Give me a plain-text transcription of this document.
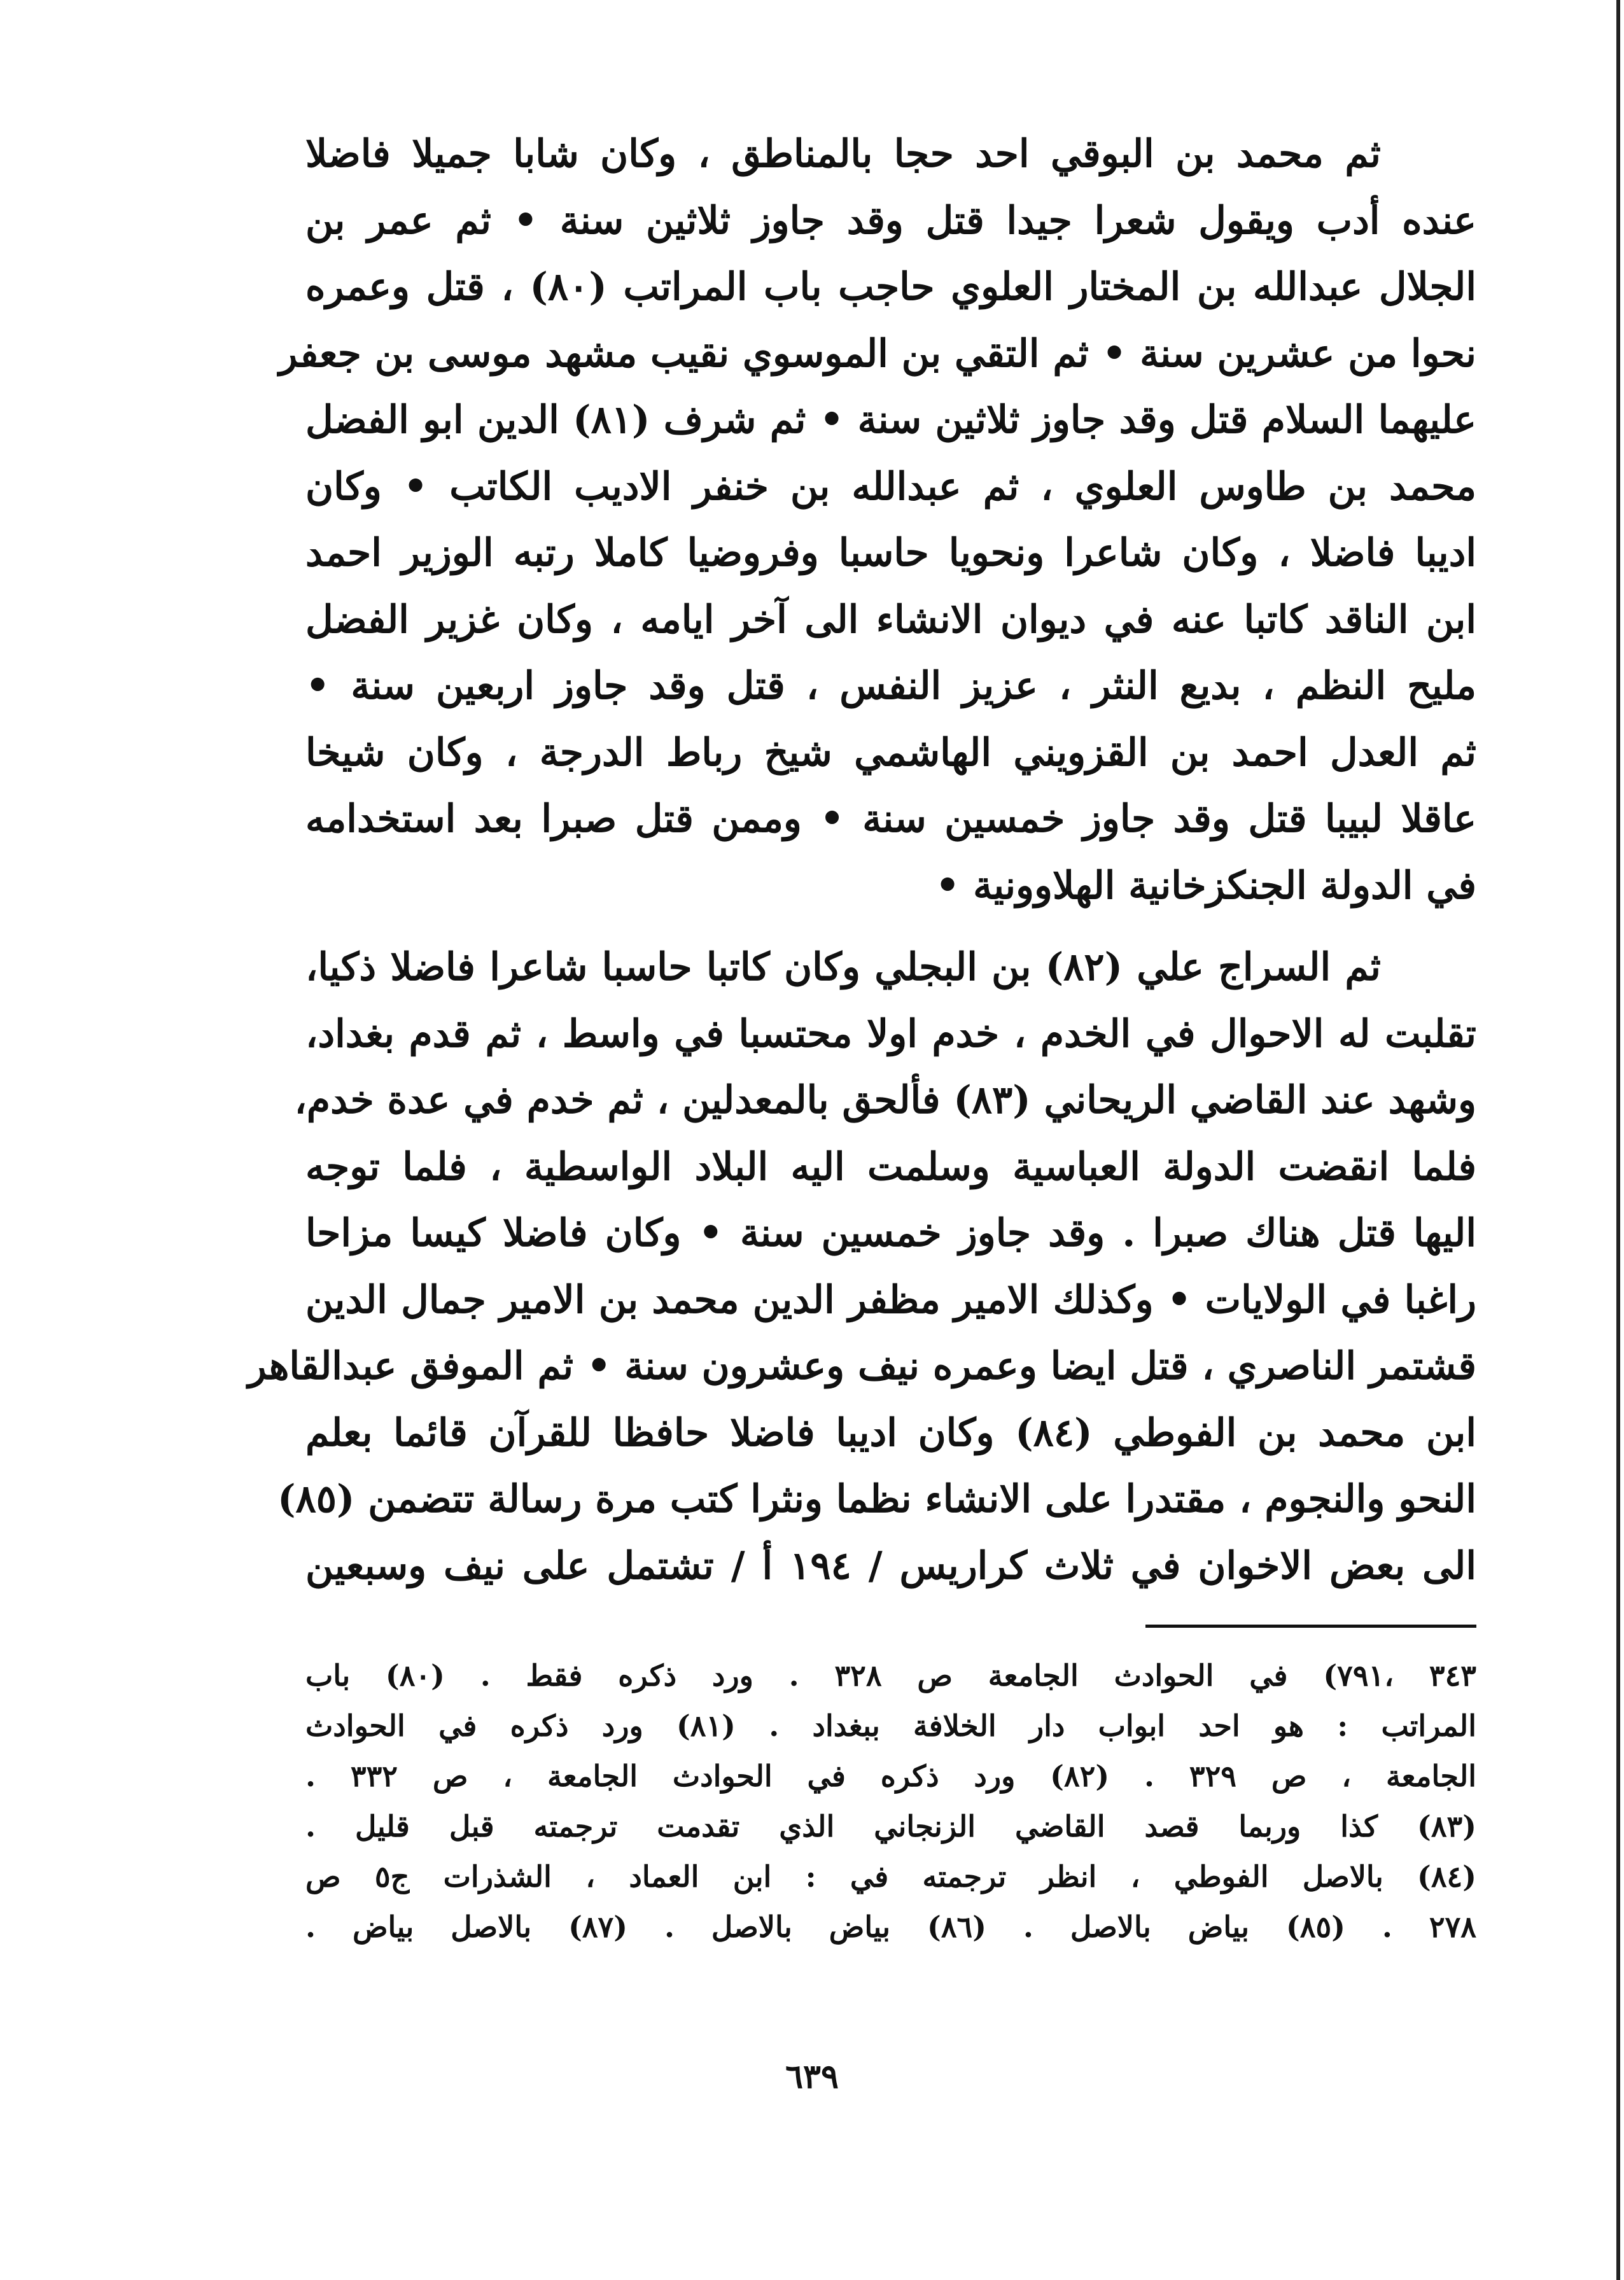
ثم محمد بن البوقي احد حجا بالمناطق ، وكان شابا جميلا فاضلا
عنده أدب ويقول شعرا جيدا قتل وقد جاوز ثلاثين سنة • ثم عمر بن
الجلال عبدالله بن المختار العلوي حاجب باب المراتب (٨٠) ، قتل وعمره
نحوا من عشرين سنة • ثم التقي بن الموسوي نقيب مشهد موسى بن جعفر
عليهما السلام قتل وقد جاوز ثلاثين سنة • ثم شرف (٨١) الدين ابو الفضل
محمد بن طاوس العلوي ، ثم عبدالله بن خنفر الاديب الكاتب • وكان
اديبا فاضلا ، وكان شاعرا ونحويا حاسبا وفروضيا كاملا رتبه الوزير احمد
ابن الناقد كاتبا عنه في ديوان الانشاء الى آخر ايامه ، وكان غزير الفضل
مليح النظم ، بديع النثر ، عزيز النفس ، قتل وقد جاوز اربعين سنة •
ثم العدل احمد بن القزويني الهاشمي شيخ رباط الدرجة ، وكان شيخا
عاقلا لبيبا قتل وقد جاوز خمسين سنة • وممن قتل صبرا بعد استخدامه
في الدولة الجنكزخانية الهلاوونية •
ثم السراج علي (٨٢) بن البجلي وكان كاتبا حاسبا شاعرا فاضلا ذكيا،
تقلبت له الاحوال في الخدم ، خدم اولا محتسبا في واسط ، ثم قدم بغداد،
وشهد عند القاضي الريحاني (٨٣) فألحق بالمعدلين ، ثم خدم في عدة خدم،
فلما انقضت الدولة العباسية وسلمت اليه البلاد الواسطية ، فلما توجه
اليها قتل هناك صبرا . وقد جاوز خمسين سنة • وكان فاضلا كيسا مزاحا
راغبا في الولايات • وكذلك الامير مظفر الدين محمد بن الامير جمال الدين
قشتمر الناصري ، قتل ايضا وعمره نيف وعشرون سنة • ثم الموفق عبدالقاهر
ابن محمد بن الفوطي (٨٤) وكان اديبا فاضلا حافظا للقرآن قائما بعلم
النحو والنجوم ، مقتدرا على الانشاء نظما ونثرا كتب مرة رسالة تتضمن (٨٥)
الى بعض الاخوان في ثلاث كراريس / ١٩٤ أ / تشتمل على نيف وسبعين
٣٤٣ ،٧٩١) في الحوادث الجامعة ص ٣٢٨ . ورد ذكره فقط . (٨٠) باب
المراتب : هو احد ابواب دار الخلافة ببغداد . (٨١) ورد ذكره في الحوادث
الجامعة ، ص ٣٢٩ . (٨٢) ورد ذكره في الحوادث الجامعة ، ص ٣٣٢ .
(٨٣) كذا وربما قصد القاضي الزنجاني الذي تقدمت ترجمته قبل قليل .
(٨٤) بالاصل الفوطي ، انظر ترجمته في : ابن العماد ، الشذرات ج٥ ص
٢٧٨ . (٨٥) بياض بالاصل . (٨٦) بياض بالاصل . (٨٧) بالاصل بياض .
٦٣٩
